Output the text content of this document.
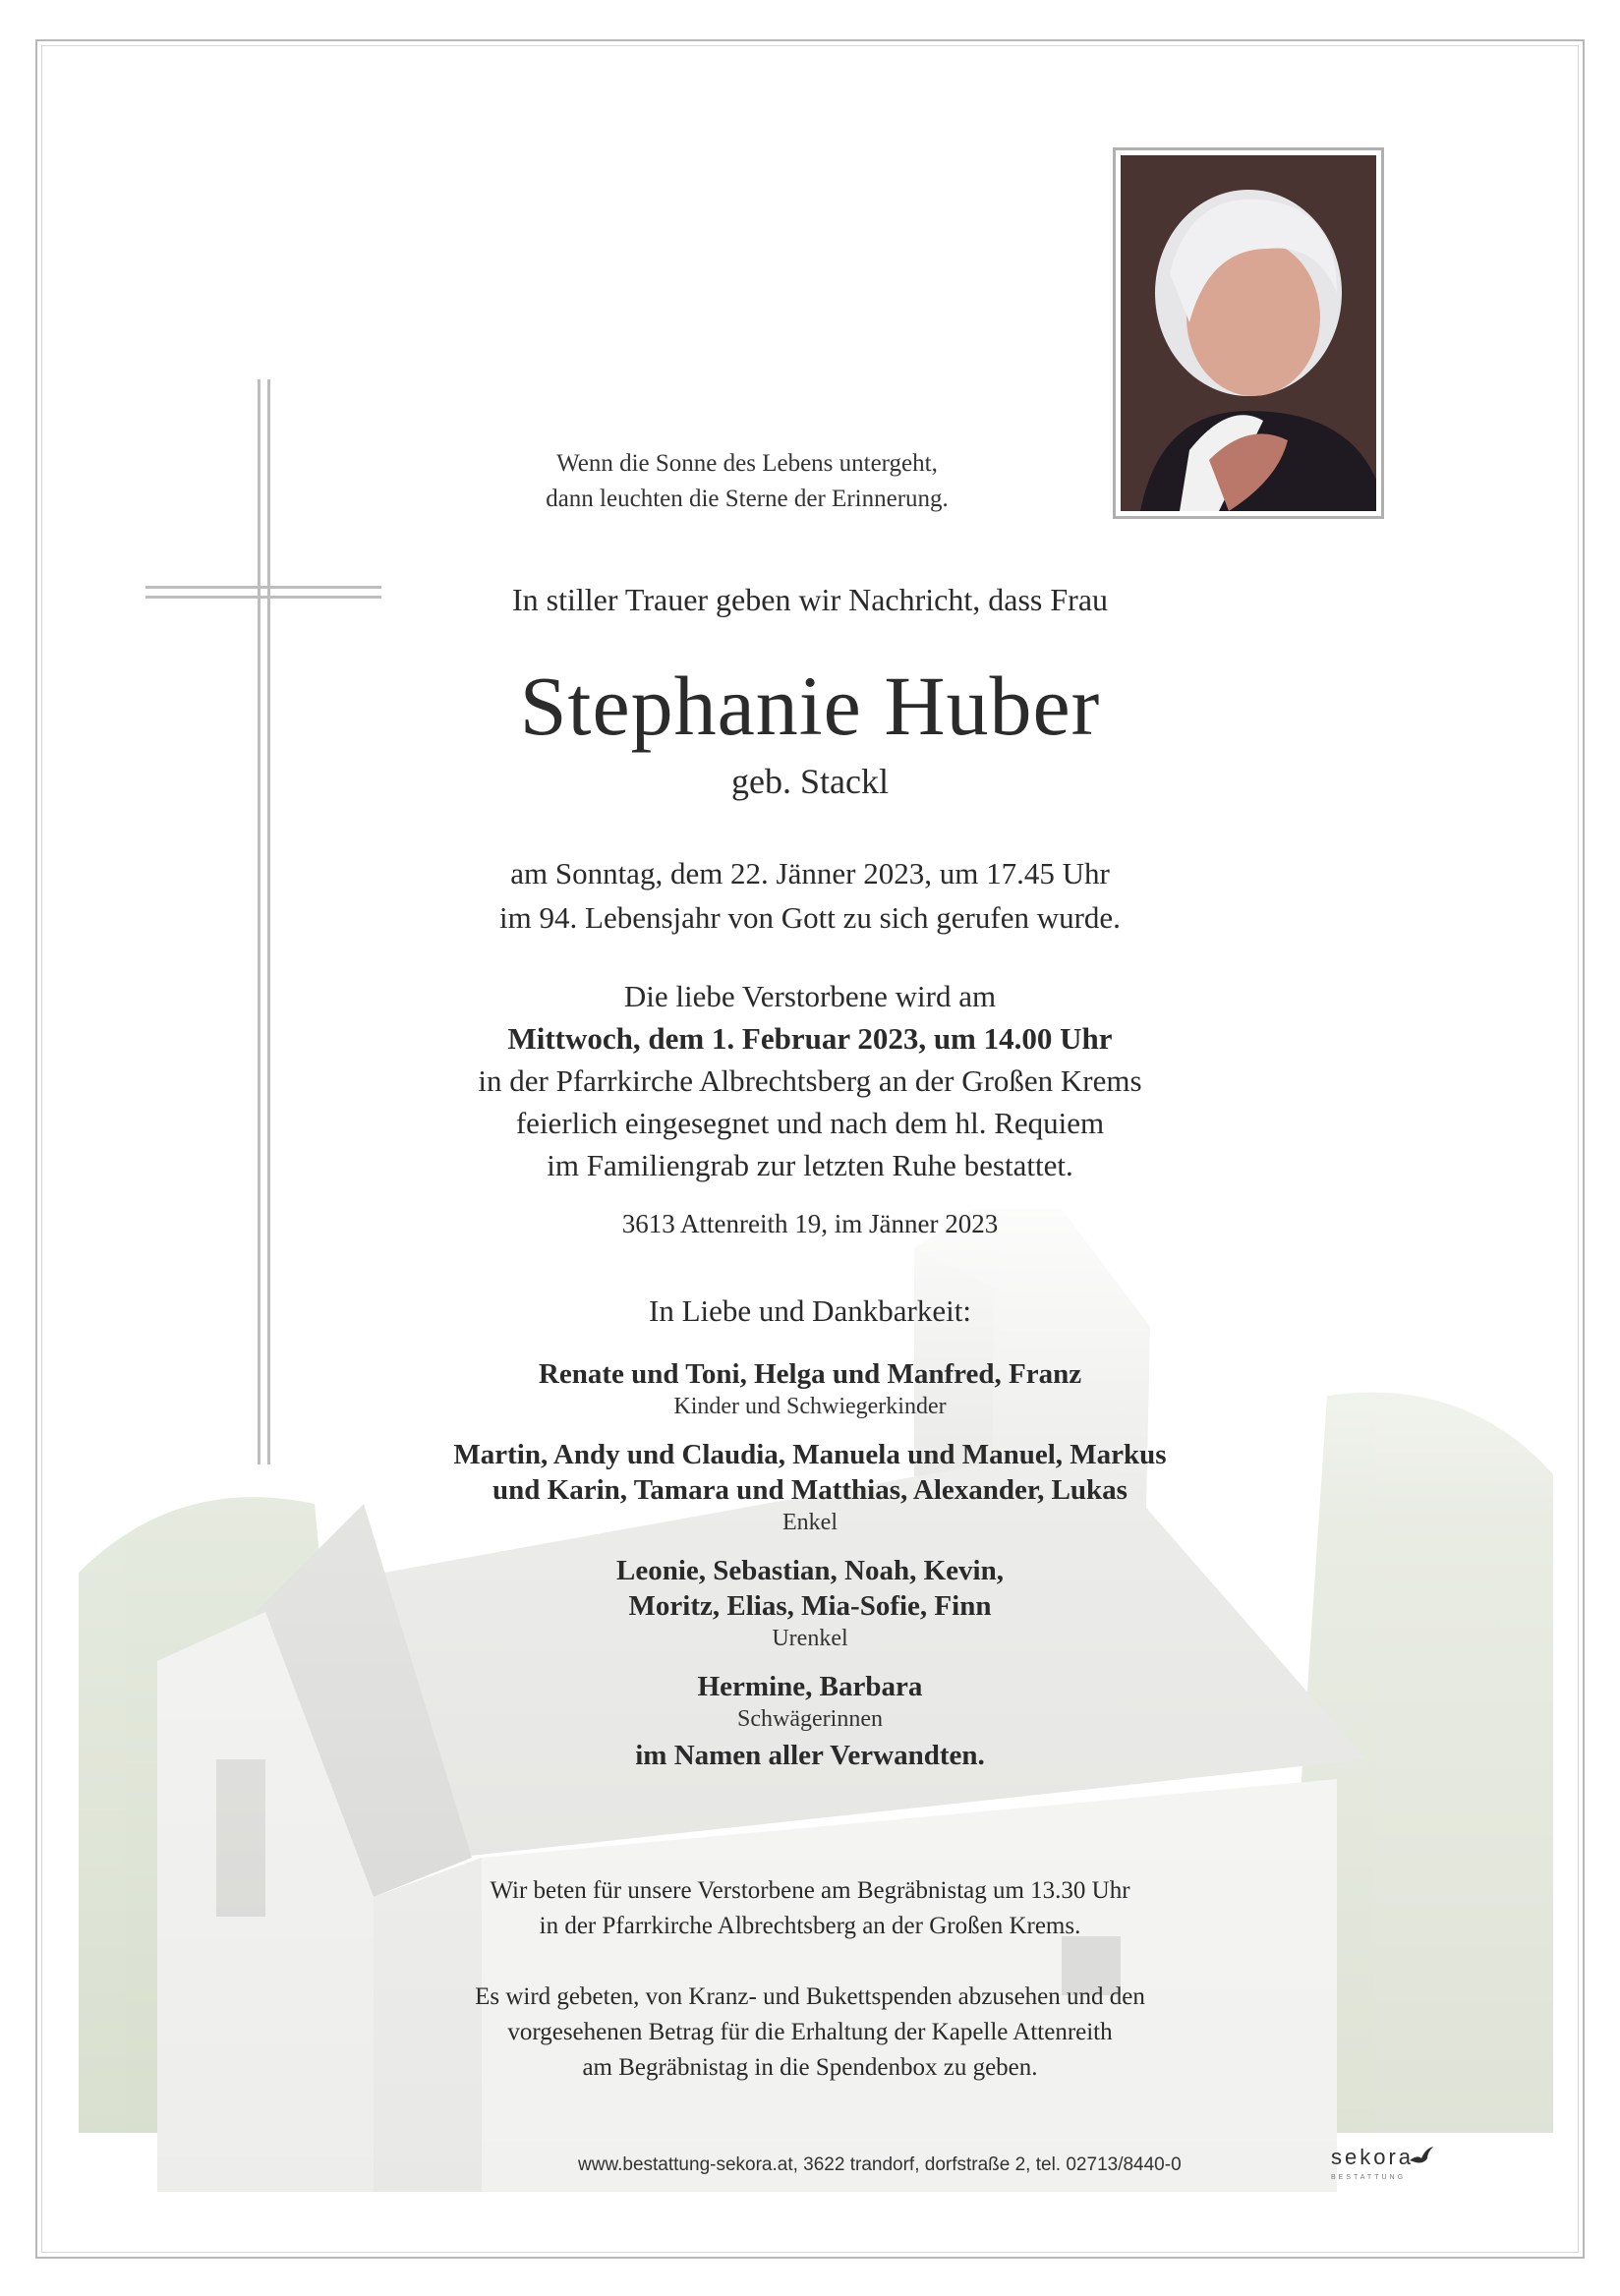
Wenn die Sonne des Lebens untergeht,
dann leuchten die Sterne der Erinnerung.
In stiller Trauer geben wir Nachricht, dass Frau
Stephanie Huber
geb. Stackl
am Sonntag, dem 22. Jänner 2023, um 17.45 Uhr
im 94. Lebensjahr von Gott zu sich gerufen wurde.
Die liebe Verstorbene wird am
Mittwoch, dem 1. Februar 2023, um 14.00 Uhr
in der Pfarrkirche Albrechtsberg an der Großen Krems
feierlich eingesegnet und nach dem hl. Requiem
im Familiengrab zur letzten Ruhe bestattet.
3613 Attenreith 19, im Jänner 2023
In Liebe und Dankbarkeit:
Renate und Toni, Helga und Manfred, Franz
Kinder und Schwiegerkinder
Martin, Andy und Claudia, Manuela und Manuel, Markus
und Karin, Tamara und Matthias, Alexander, Lukas
Enkel
Leonie, Sebastian, Noah, Kevin,
Moritz, Elias, Mia-Sofie, Finn
Urenkel
Hermine, Barbara
Schwägerinnen
im Namen aller Verwandten.
Wir beten für unsere Verstorbene am Begräbnistag um 13.30 Uhr
in der Pfarrkirche Albrechtsberg an der Großen Krems.
Es wird gebeten, von Kranz- und Bukettspenden abzusehen und den
vorgesehenen Betrag für die Erhaltung der Kapelle Attenreith
am Begräbnistag in die Spendenbox zu geben.
www.bestattung-sekora.at, 3622 trandorf, dorfstraße 2, tel. 02713/8440-0	sekora
BESTATTUNG
